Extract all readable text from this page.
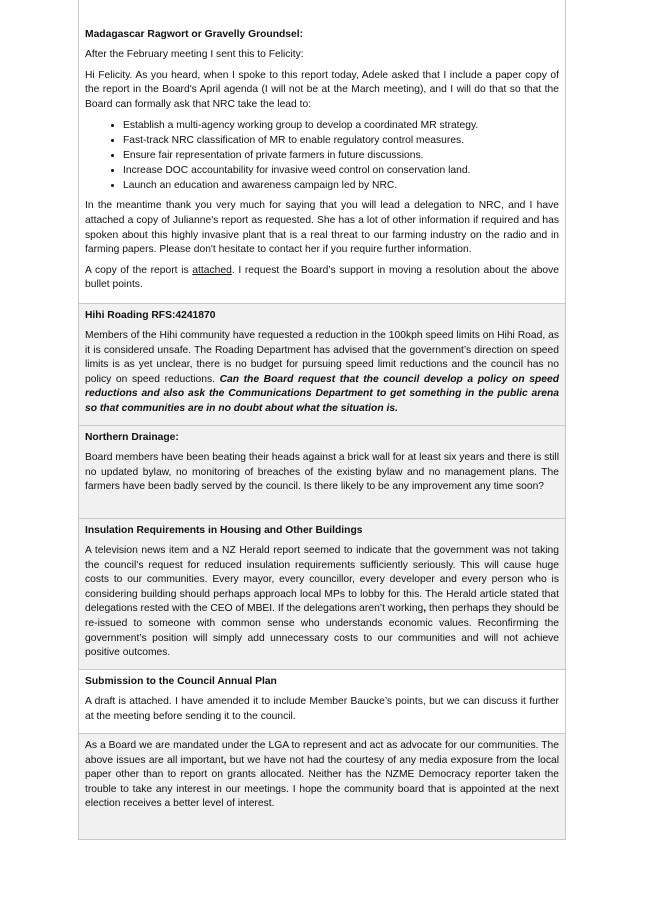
Madagascar Ragwort or Gravelly Groundsel:

After the February meeting I sent this to Felicity:

Hi Felicity. As you heard, when I spoke to this report today, Adele asked that I include a paper copy of the report in the Board's April agenda (I will not be at the March meeting), and I will do that so that the Board can formally ask that NRC take the lead to:

• Establish a multi-agency working group to develop a coordinated MR strategy.
• Fast-track NRC classification of MR to enable regulatory control measures.
• Ensure fair representation of private farmers in future discussions.
• Increase DOC accountability for invasive weed control on conservation land.
• Launch an education and awareness campaign led by NRC.

In the meantime thank you very much for saying that you will lead a delegation to NRC, and I have attached a copy of Julianne's report as requested. She has a lot of other information if required and has spoken about this highly invasive plant that is a real threat to our farming industry on the radio and in farming papers. Please don't hesitate to contact her if you require further information.

A copy of the report is attached. I request the Board’s support in moving a resolution about the above bullet points.

Hihi Roading RFS:4241870

Members of the Hihi community have requested a reduction in the 100kph speed limits on Hihi Road, as it is considered unsafe. The Roading Department has advised that the government’s direction on speed limits is as yet unclear, there is no budget for pursuing speed limit reductions and the council has no policy on speed reductions. Can the Board request that the council develop a policy on speed reductions and also ask the Communications Department to get something in the public arena so that communities are in no doubt about what the situation is.

Northern Drainage:

Board members have been beating their heads against a brick wall for at least six years and there is still no updated bylaw, no monitoring of breaches of the existing bylaw and no management plans. The farmers have been badly served by the council. Is there likely to be any improvement any time soon?

Insulation Requirements in Housing and Other Buildings

A television news item and a NZ Herald report seemed to indicate that the government was not taking the council’s request for reduced insulation requirements sufficiently seriously. This will cause huge costs to our communities. Every mayor, every councillor, every developer and every person who is considering building should perhaps approach local MPs to lobby for this. The Herald article stated that delegations rested with the CEO of MBEI. If the delegations aren’t working, then perhaps they should be re-issued to someone with common sense who understands economic values. Reconfirming the government’s position will simply add unnecessary costs to our communities and will not achieve positive outcomes.

Submission to the Council Annual Plan

A draft is attached. I have amended it to include Member Baucke’s points, but we can discuss it further at the meeting before sending it to the council.

As a Board we are mandated under the LGA to represent and act as advocate for our communities. The above issues are all important, but we have not had the courtesy of any media exposure from the local paper other than to report on grants allocated. Neither has the NZME Democracy reporter taken the trouble to take any interest in our meetings. I hope the community board that is appointed at the next election receives a better level of interest.
